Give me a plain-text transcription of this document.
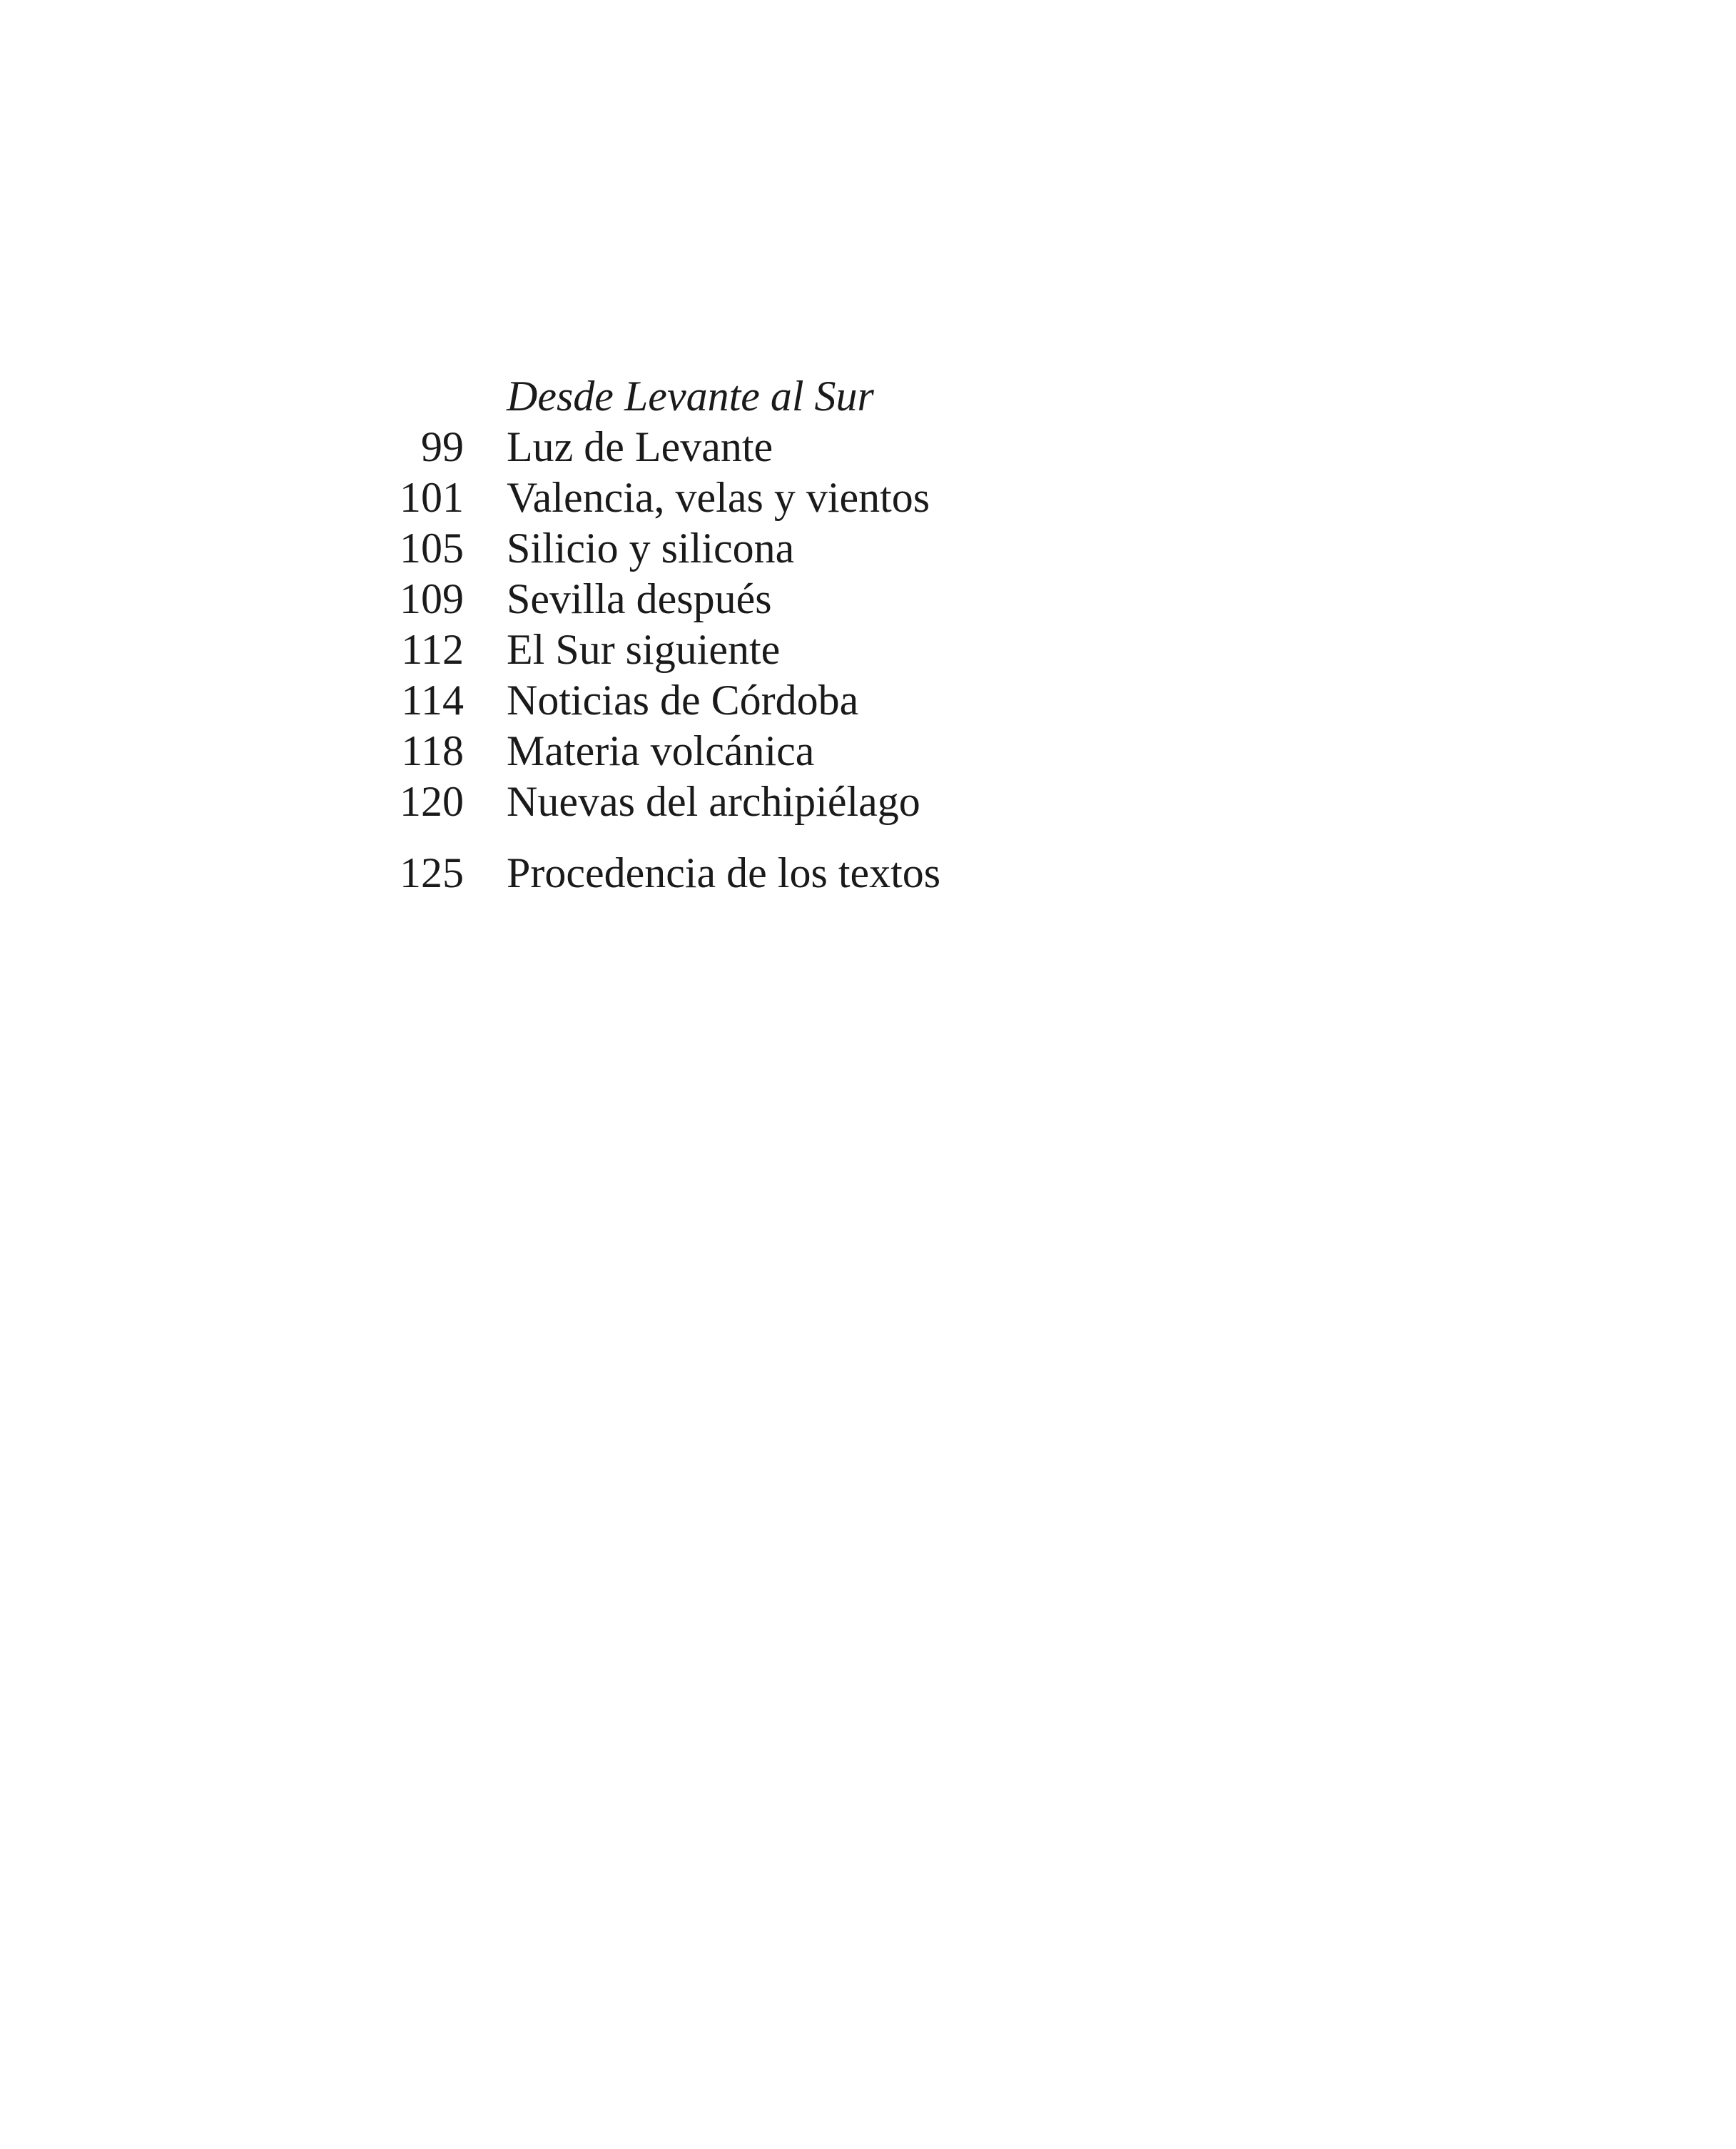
Desde Levante al Sur
99 Luz de Levante
101 Valencia, velas y vientos
105 Silicio y silicona
109 Sevilla después
112 El Sur siguiente
114 Noticias de Córdoba
118 Materia volcánica
120 Nuevas del archipiélago
125 Procedencia de los textos
